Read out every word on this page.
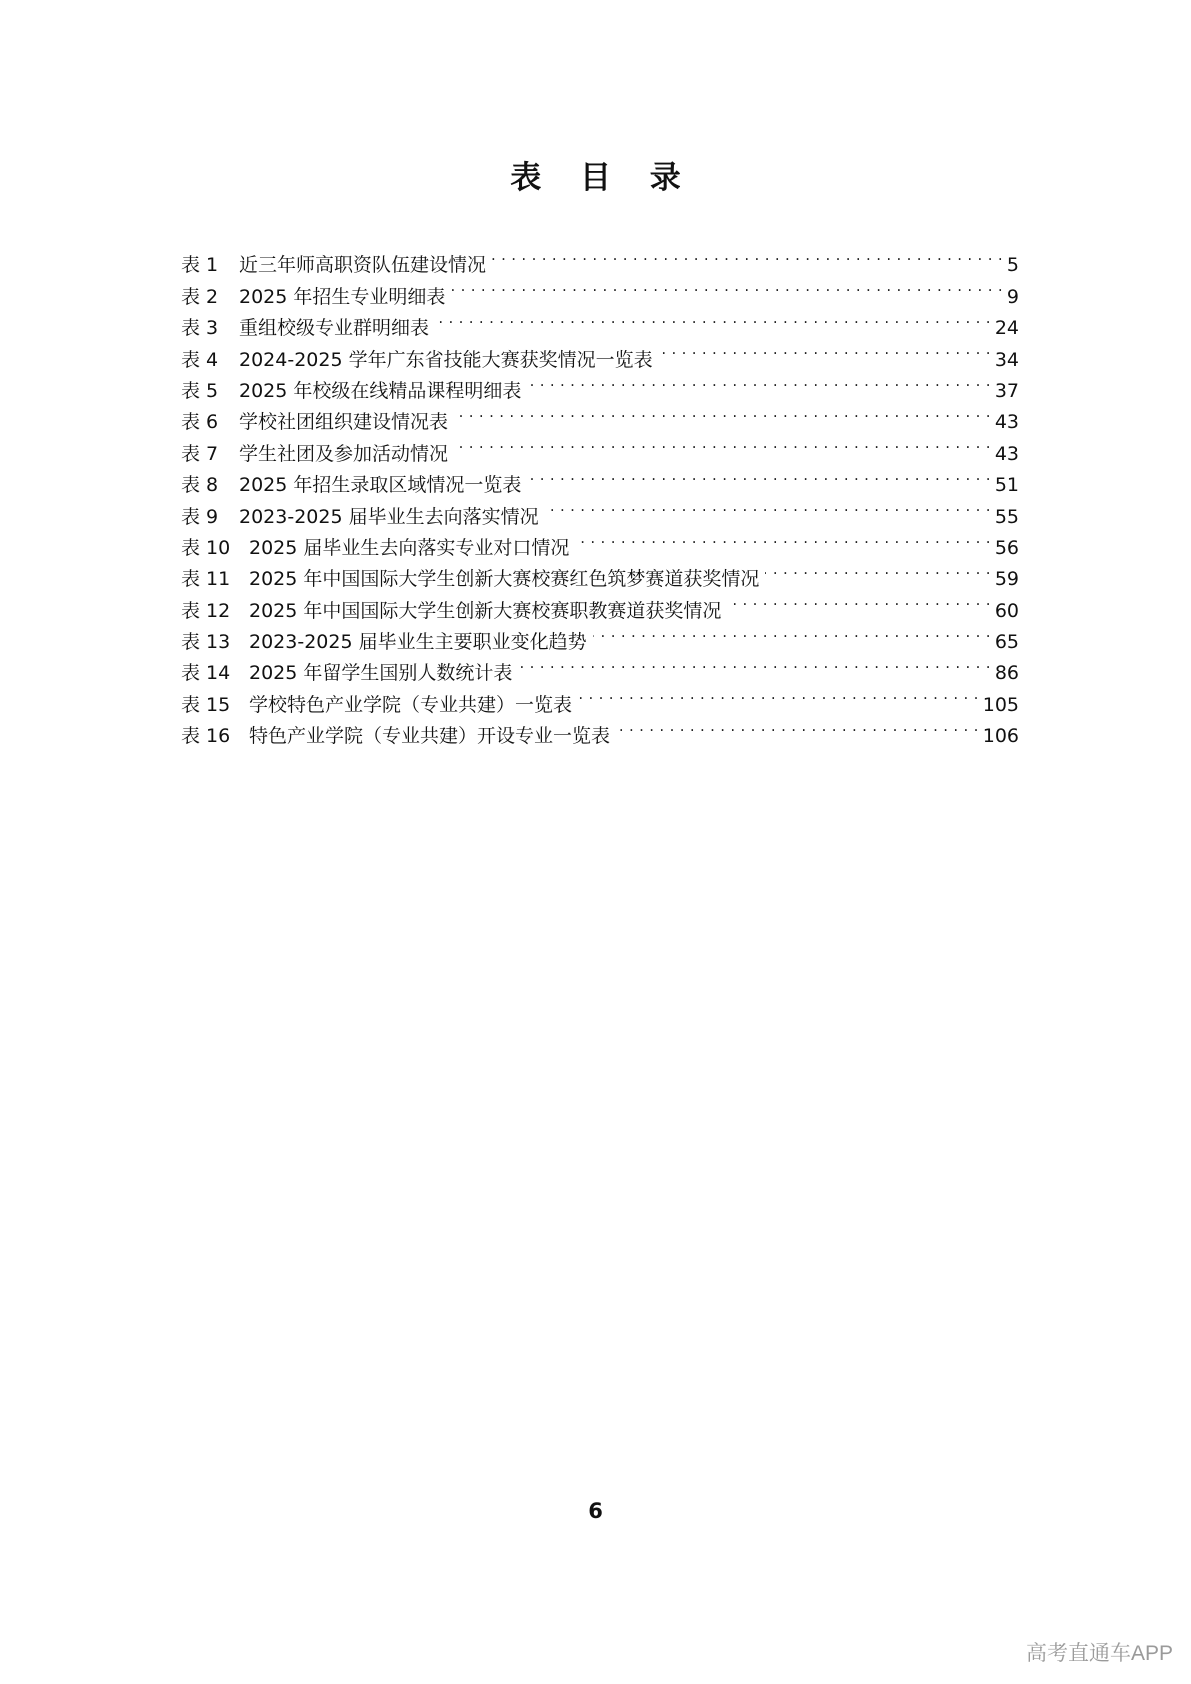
表 目 录
表 1	近三年师高职资队伍建设情况 . . .	5
表 2	2025 年招生专业明细表 . . .	9
表 3	重组校级专业群明细表 . . .	24
表 4	2024-2025 学年广东省技能大赛获奖情况一览表 . . .	34
表 5	2025 年校级在线精品课程明细表 . . .	37
表 6	学校社团组织建设情况表 . . .	43
表 7	学生社团及参加活动情况 . . .	43
表 8	2025 年招生录取区域情况一览表 . . .	51
表 9	2023-2025 届毕业生去向落实情况 . . .	55
表 10 2025 届毕业生去向落实专业对口情况 . . .	56
表 11 2025 年中国国际大学生创新大赛校赛红色筑梦赛道获奖情况 . . .	59
表 12 2025 年中国国际大学生创新大赛校赛职教赛道获奖情况 . . .	60
表 13 2023-2025 届毕业生主要职业变化趋势 . . .	65
表 14 2025 年留学生国别人数统计表 . . .	86
表 15 学校特色产业学院（专业共建）一览表 . . .	105
表 16 特色产业学院（专业共建）开设专业一览表 . . .	106
6
高考直通车APP
